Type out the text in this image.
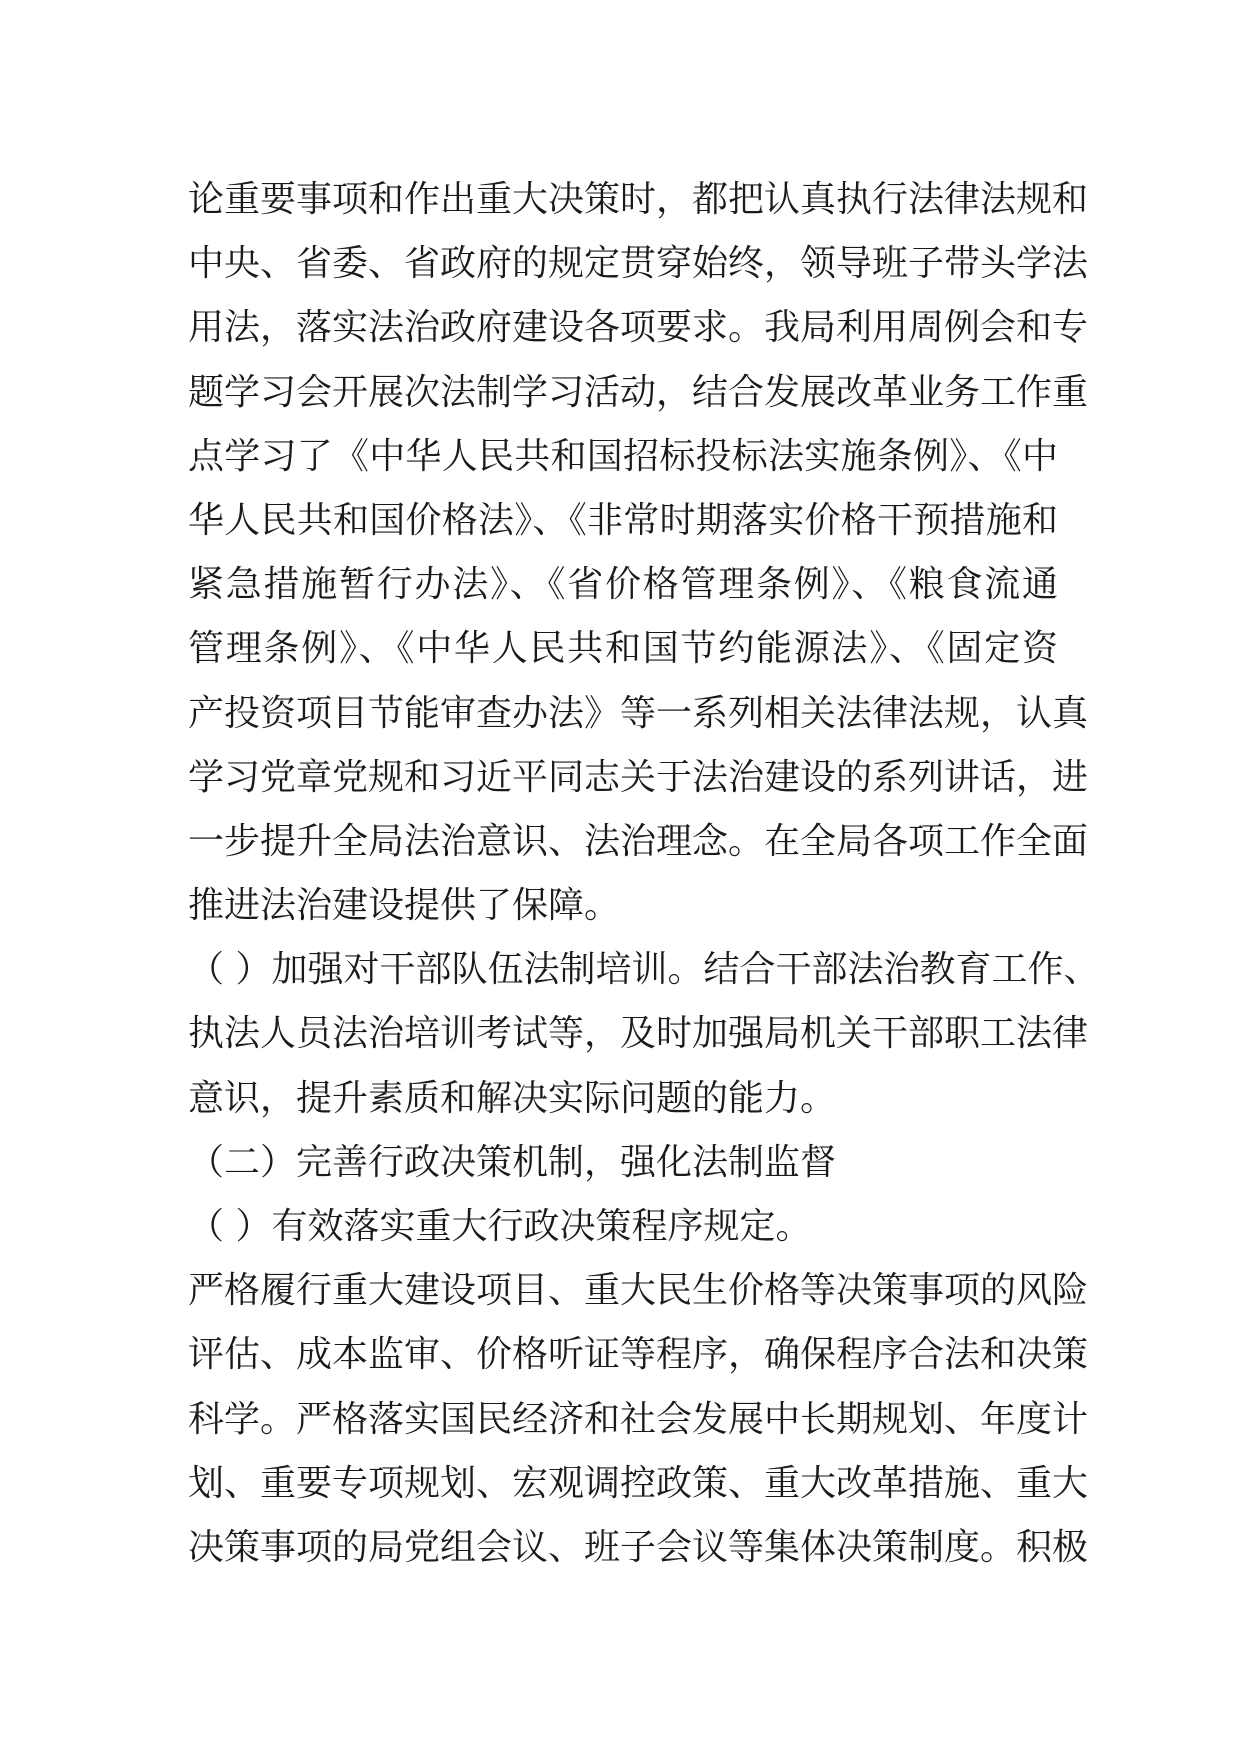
论重要事项和作出重大决策时，都把认真执行法律法规和
中央、省委、省政府的规定贯穿始终，领导班子带头学法
用法，落实法治政府建设各项要求。我局利用周例会和专
题学习会开展次法制学习活动，结合发展改革业务工作重
点学习了《中华人民共和国招标投标法实施条例》、《中
华人民共和国价格法》、《非常时期落实价格干预措施和
紧急措施暂行办法》、《省价格管理条例》、《粮食流通
管理条例》、《中华人民共和国节约能源法》、《固定资
产投资项目节能审查办法》等一系列相关法律法规，认真
学习党章党规和习近平同志关于法治建设的系列讲话，进
一步提升全局法治意识、法治理念。在全局各项工作全面
推进法治建设提供了保障。
（ ）加强对干部队伍法制培训。结合干部法治教育工作、
执法人员法治培训考试等，及时加强局机关干部职工法律
意识，提升素质和解决实际问题的能力。
（二）完善行政决策机制，强化法制监督
（ ）有效落实重大行政决策程序规定。
严格履行重大建设项目、重大民生价格等决策事项的风险
评估、成本监审、价格听证等程序，确保程序合法和决策
科学。严格落实国民经济和社会发展中长期规划、年度计
划、重要专项规划、宏观调控政策、重大改革措施、重大
决策事项的局党组会议、班子会议等集体决策制度。积极
